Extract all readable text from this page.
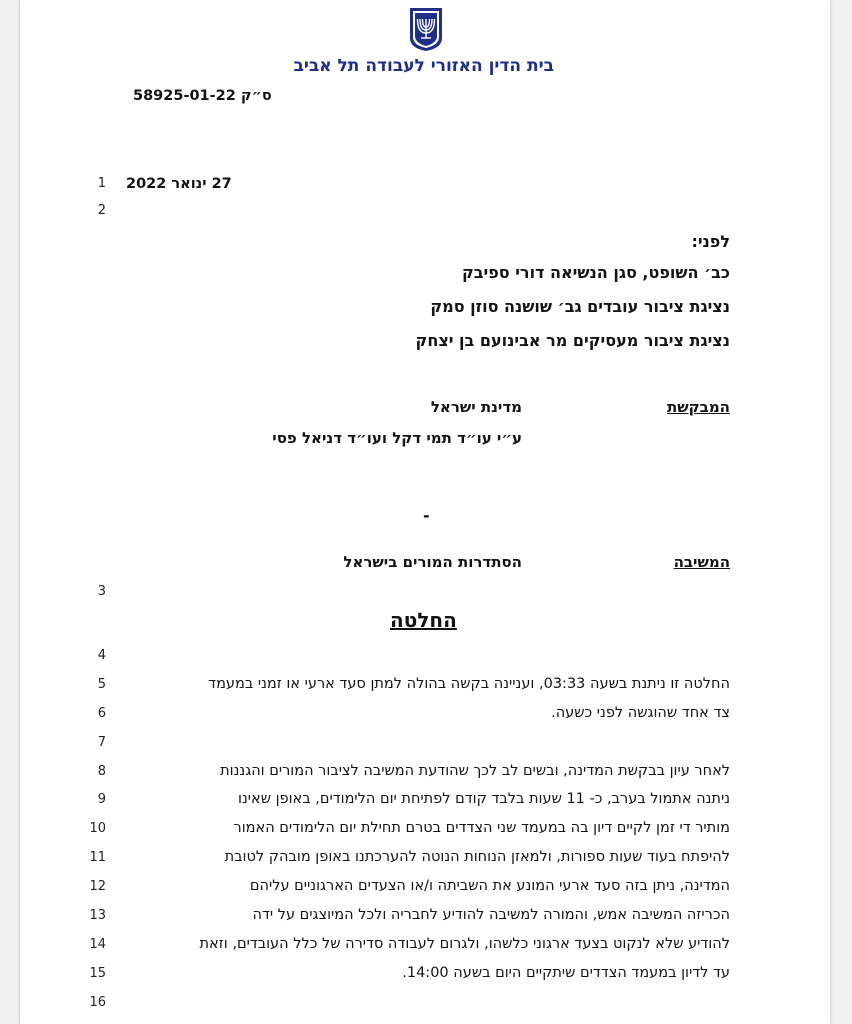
בית הדין האזורי לעבודה תל אביב
ס״ק 58925-01-22
27 ינואר 2022
1
2
3
4
5
6
7
8
9
10
11
12
13
14
15
16
לפני:
כב׳ השופט, סגן הנשיאה דורי ספיבק
נציגת ציבור עובדים גב׳ שושנה סוזן סמק
נציגת ציבור מעסיקים מר אבינועם בן יצחק
המבקשת
מדינת ישראל
ע״י עו״ד תמי דקל ועו״ד דניאל פסי
-
המשיבה
הסתדרות המורים בישראל
החלטה
החלטה זו ניתנת בשעה 03:33, ועניינה בקשה בהולה למתן סעד ארעי או זמני במעמד
צד אחד שהוגשה לפני כשעה.
לאחר עיון בבקשת המדינה, ובשים לב לכך שהודעת המשיבה לציבור המורים והגננות
ניתנה אתמול בערב, כ- 11 שעות בלבד קודם לפתיחת יום הלימודים, באופן שאינו
מותיר די זמן לקיים דיון בה במעמד שני הצדדים בטרם תחילת יום הלימודים האמור
להיפתח בעוד שעות ספורות, ולמאזן הנוחות הנוטה להערכתנו באופן מובהק לטובת
המדינה, ניתן בזה סעד ארעי המונע את השביתה ו/או הצעדים הארגוניים עליהם
הכריזה המשיבה אמש, והמורה למשיבה להודיע לחבריה ולכל המיוצגים על ידה
להודיע שלא לנקוט בצעד ארגוני כלשהו, ולגרום לעבודה סדירה של כלל העובדים, וזאת
עד לדיון במעמד הצדדים שיתקיים היום בשעה 14:00.
